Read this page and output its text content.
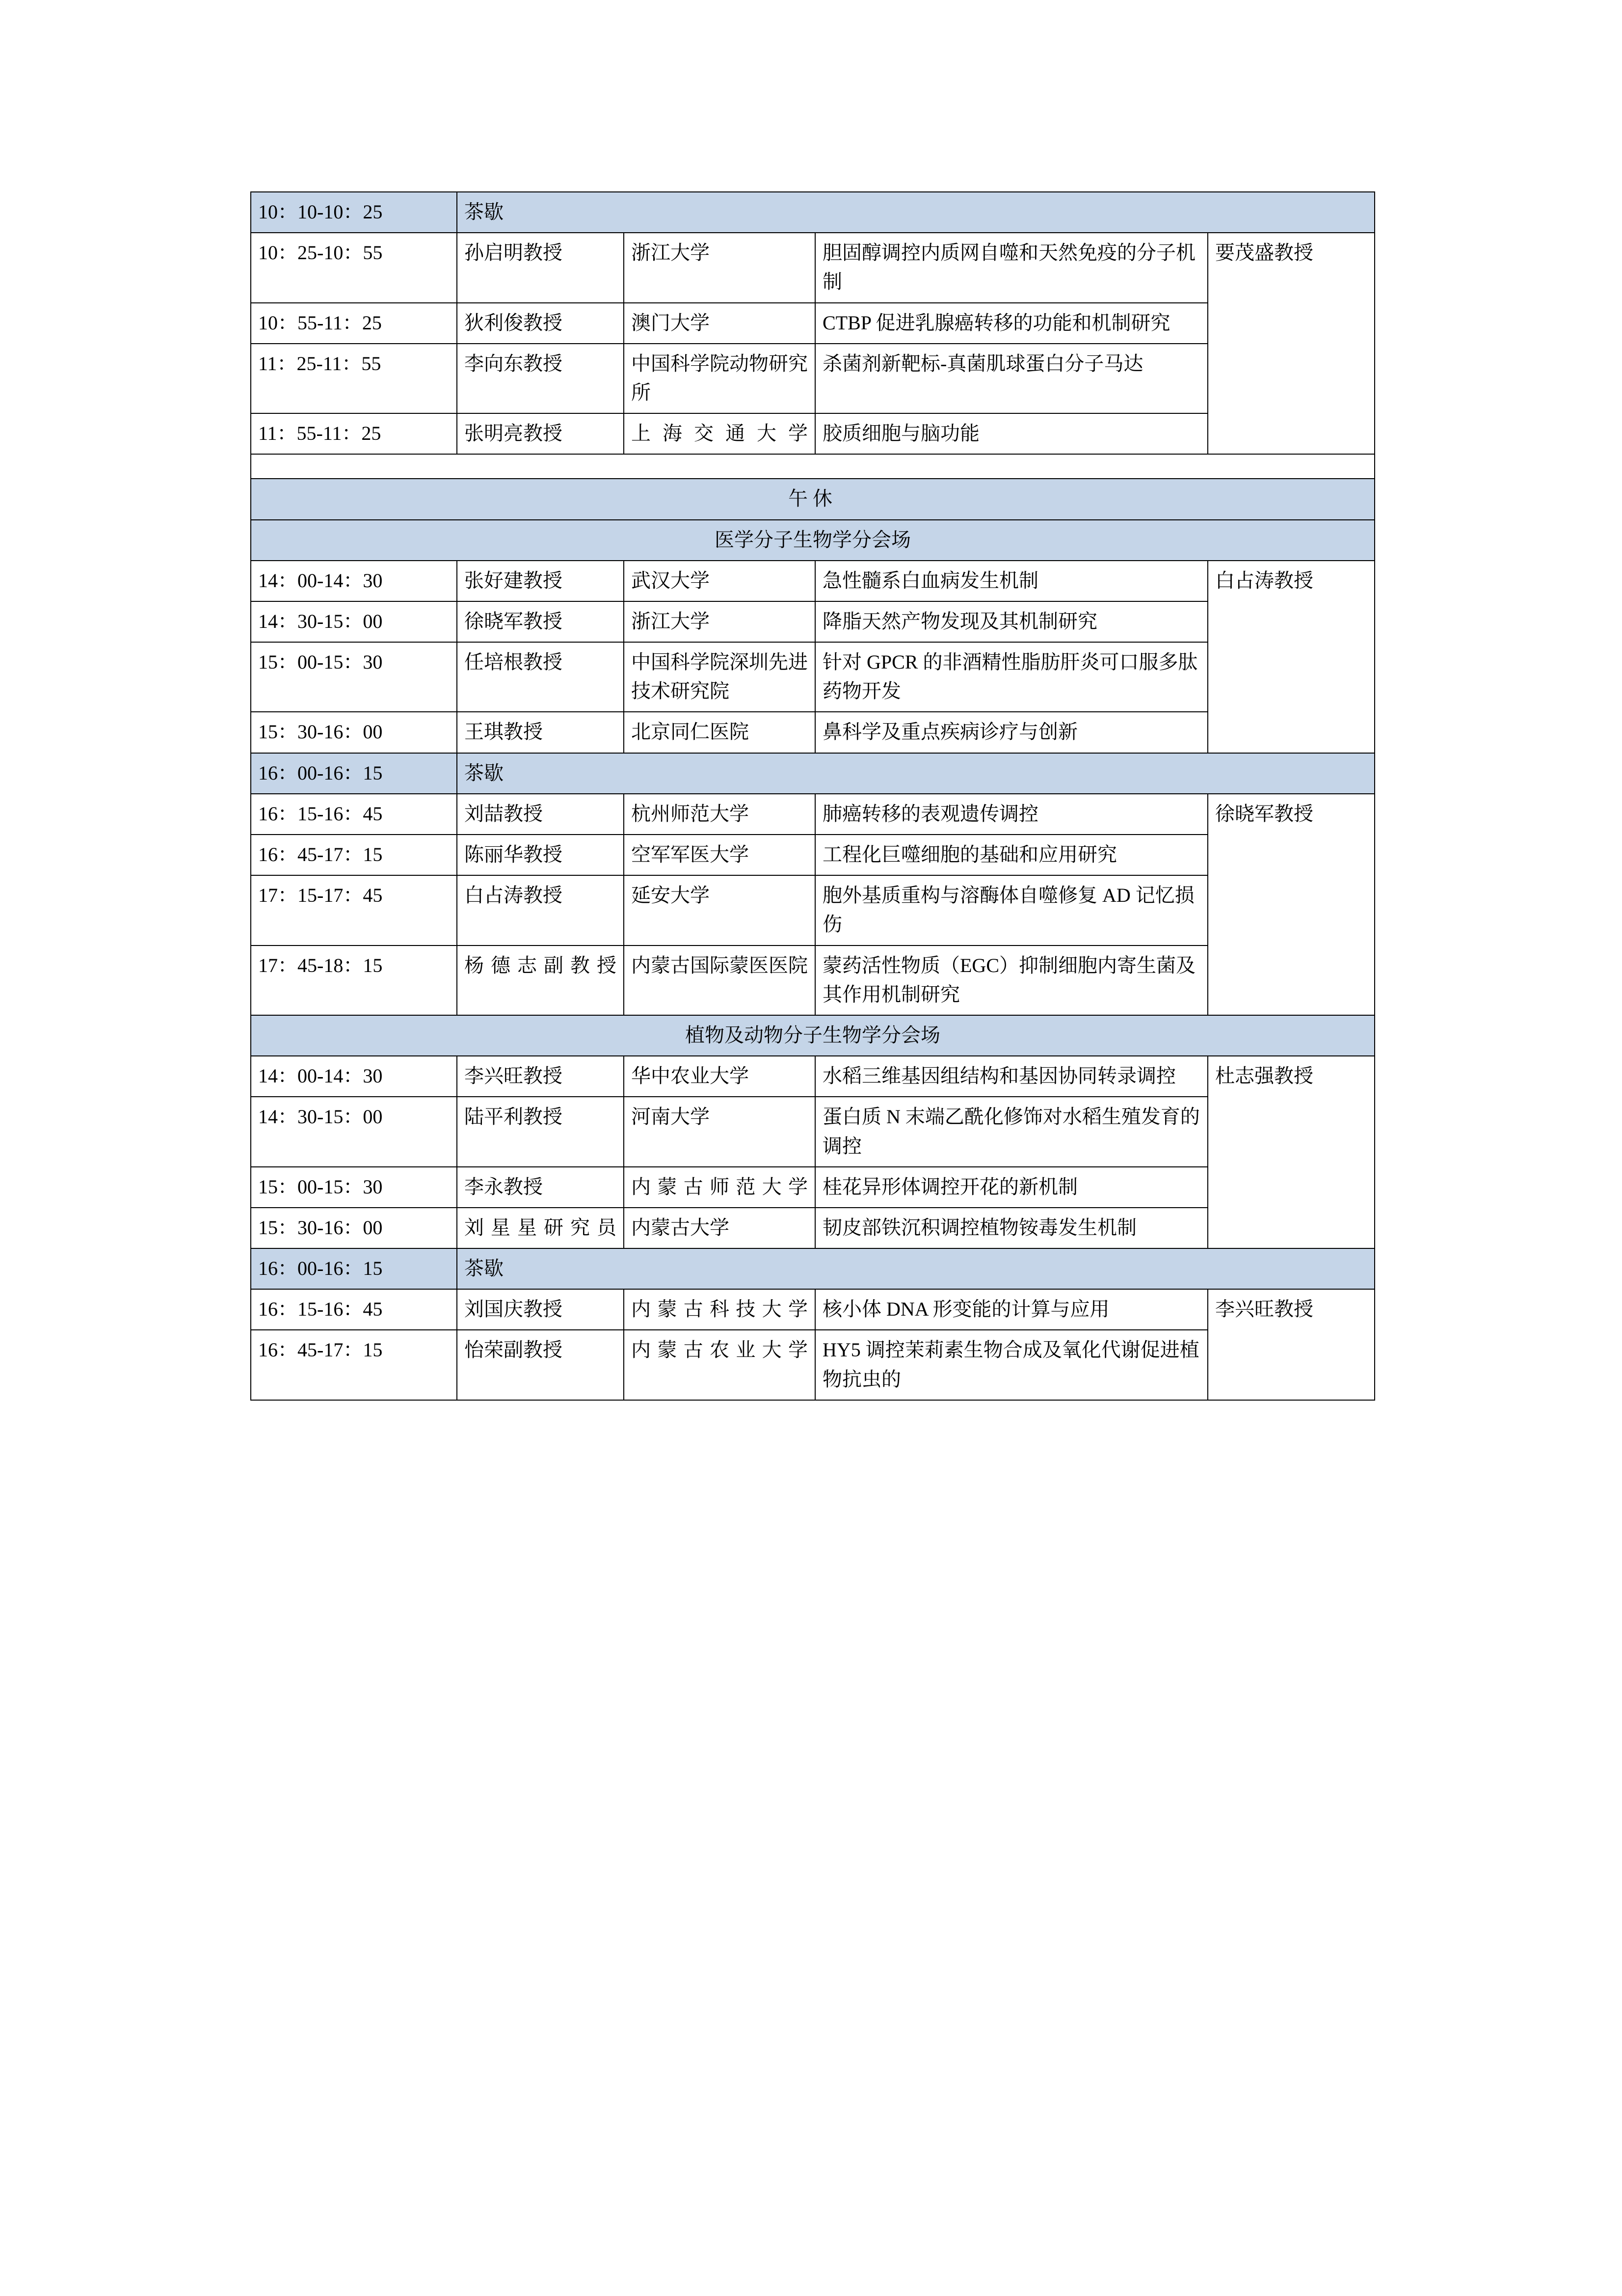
10：10-10：25	茶歇			
10：25-10：55	孙启明教授	浙江大学	胆固醇调控内质网自噬和天然免疫的分子机制	要茂盛教授
10：55-11：25	狄利俊教授	澳门大学	CTBP 促进乳腺癌转移的功能和机制研究	
11：25-11：55	李向东教授	中国科学院动物研究所	杀菌剂新靶标-真菌肌球蛋白分子马达	
11：55-11：25	张明亮教授	上海交通大学	胶质细胞与脑功能	

午休				
医学分子生物学分会场				
14：00-14：30	张好建教授	武汉大学	急性髓系白血病发生机制	白占涛教授
14：30-15：00	徐晓军教授	浙江大学	降脂天然产物发现及其机制研究	
15：00-15：30	任培根教授	中国科学院深圳先进技术研究院	针对 GPCR 的非酒精性脂肪肝炎可口服多肽药物开发	
15：30-16：00	王琪教授	北京同仁医院	鼻科学及重点疾病诊疗与创新	
16：00-16：15	茶歇			
16：15-16：45	刘喆教授	杭州师范大学	肺癌转移的表观遗传调控	徐晓军教授
16：45-17：15	陈丽华教授	空军军医大学	工程化巨噬细胞的基础和应用研究	
17：15-17：45	白占涛教授	延安大学	胞外基质重构与溶酶体自噬修复 AD 记忆损伤	
17：45-18：15	杨德志副教授	内蒙古国际蒙医医院	蒙药活性物质（EGC）抑制细胞内寄生菌及其作用机制研究	
植物及动物分子生物学分会场				
14：00-14：30	李兴旺教授	华中农业大学	水稻三维基因组结构和基因协同转录调控	杜志强教授
14：30-15：00	陆平利教授	河南大学	蛋白质 N 末端乙酰化修饰对水稻生殖发育的调控	
15：00-15：30	李永教授	内蒙古师范大学	桂花异形体调控开花的新机制	
15：30-16：00	刘星星研究员	内蒙古大学	韧皮部铁沉积调控植物铵毒发生机制	
16：00-16：15	茶歇			
16：15-16：45	刘国庆教授	内蒙古科技大学	核小体 DNA 形变能的计算与应用	李兴旺教授
16：45-17：15	怡荣副教授	内蒙古农业大学	HY5 调控茉莉素生物合成及氧化代谢促进植物抗虫的	
